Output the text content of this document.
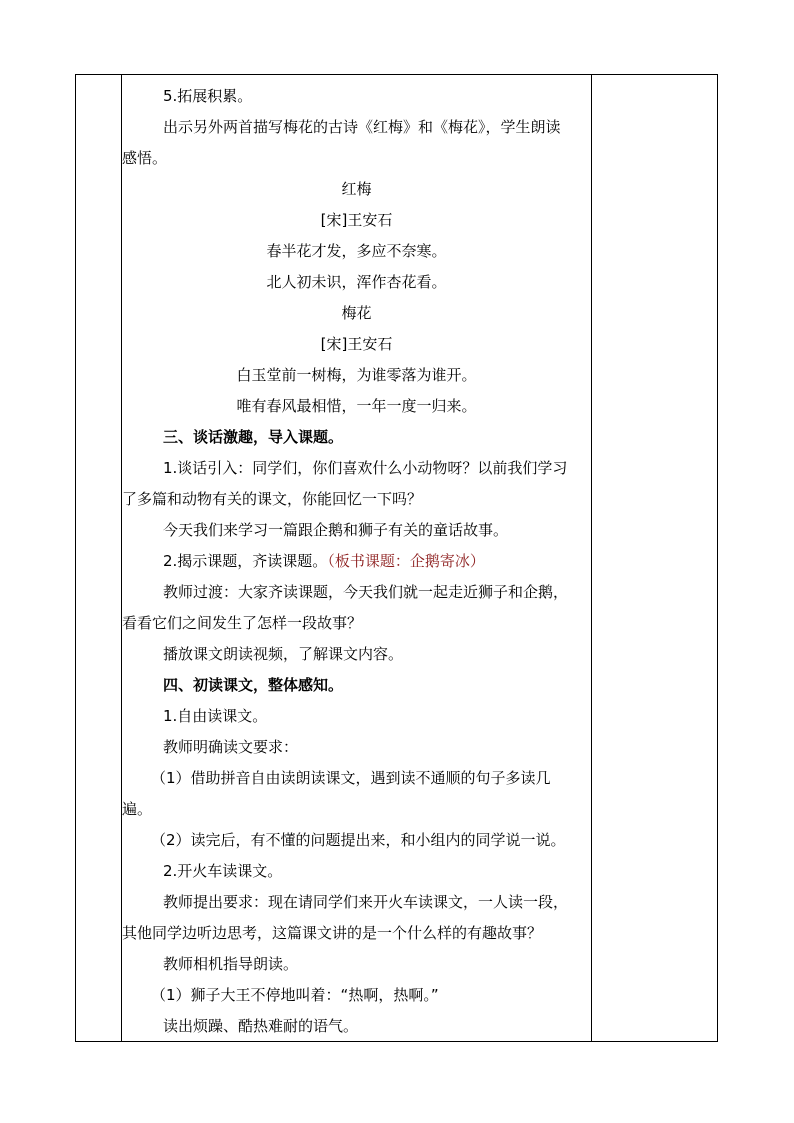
5.拓展积累。
出示另外两首描写梅花的古诗《红梅》和《梅花》，学生朗读
感悟。
红梅
[宋]王安石
春半花才发，多应不奈寒。
北人初未识，浑作杏花看。
梅花
[宋]王安石
白玉堂前一树梅，为谁零落为谁开。
唯有春风最相惜，一年一度一归来。
三、谈话激趣，导入课题。
1.谈话引入：同学们，你们喜欢什么小动物呀？以前我们学习
了多篇和动物有关的课文，你能回忆一下吗？
今天我们来学习一篇跟企鹅和狮子有关的童话故事。
2.揭示课题，齐读课题。（板书课题：企鹅寄冰）
教师过渡：大家齐读课题，今天我们就一起走近狮子和企鹅，
看看它们之间发生了怎样一段故事？
播放课文朗读视频，了解课文内容。
四、初读课文，整体感知。
1.自由读课文。
教师明确读文要求：
（1）借助拼音自由读朗读课文，遇到读不通顺的句子多读几
遍。
（2）读完后，有不懂的问题提出来，和小组内的同学说一说。
2.开火车读课文。
教师提出要求：现在请同学们来开火车读课文，一人读一段，
其他同学边听边思考，这篇课文讲的是一个什么样的有趣故事？
教师相机指导朗读。
（1）狮子大王不停地叫着：“热啊，热啊。”
读出烦躁、酷热难耐的语气。
